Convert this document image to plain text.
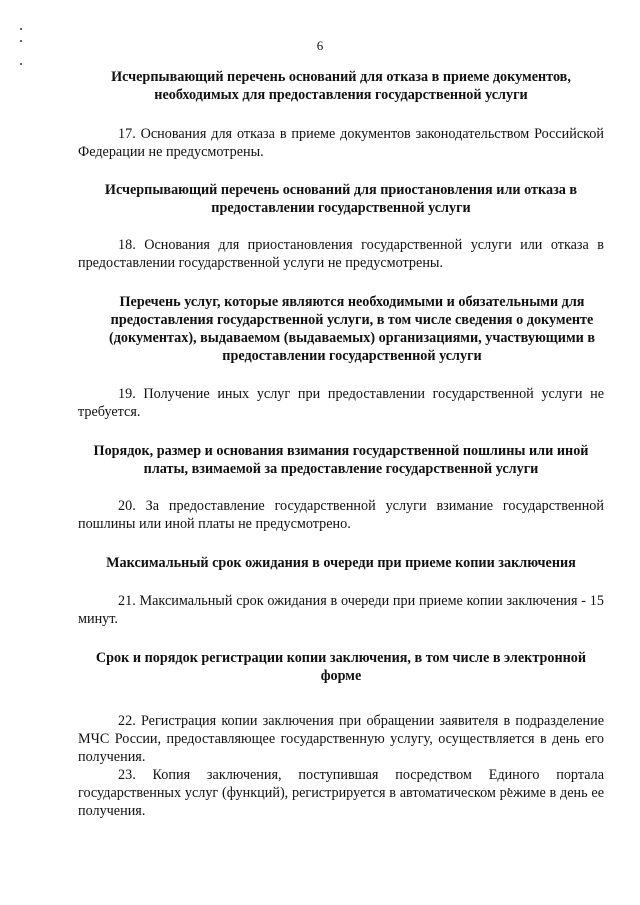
6

Исчерпывающий перечень оснований для отказа в приеме документов, необходимых для предоставления государственной услуги

17. Основания для отказа в приеме документов законодательством Российской Федерации не предусмотрены.

Исчерпывающий перечень оснований для приостановления или отказа в предоставлении государственной услуги

18. Основания для приостановления государственной услуги или отказа в предоставлении государственной услуги не предусмотрены.

Перечень услуг, которые являются необходимыми и обязательными для предоставления государственной услуги, в том числе сведения о документе (документах), выдаваемом (выдаваемых) организациями, участвующими в предоставлении государственной услуги

19. Получение иных услуг при предоставлении государственной услуги не требуется.

Порядок, размер и основания взимания государственной пошлины или иной платы, взимаемой за предоставление государственной услуги

20. За предоставление государственной услуги взимание государственной пошлины или иной платы не предусмотрено.

Максимальный срок ожидания в очереди при приеме копии заключения

21. Максимальный срок ожидания в очереди при приеме копии заключения - 15 минут.

Срок и порядок регистрации копии заключения, в том числе в электронной форме

22. Регистрация копии заключения при обращении заявителя в подразделение МЧС России, предоставляющее государственную услугу, осуществляется в день его получения.

23. Копия заключения, поступившая посредством Единого портала государственных услуг (функций), регистрируется в автоматическом режиме в день ее получения.
